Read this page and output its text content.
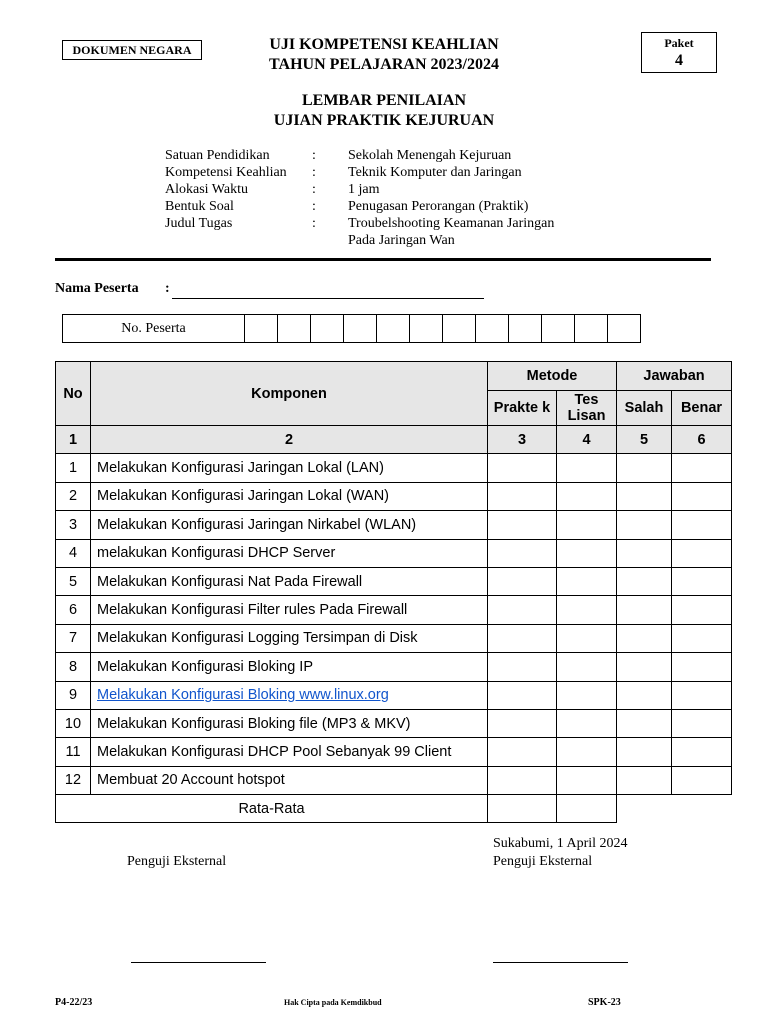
DOKUMEN NEGARA	UJI KOMPETENSI KEAHLIAN
TAHUN PELAJARAN 2023/2024
Paket
4
LEMBAR PENILAIAN
UJIAN PRAKTIK KEJURUAN
Satuan Pendidikan	:	Sekolah Menengah Kejuruan
Kompetensi Keahlian	:	Teknik Komputer dan Jaringan
Alokasi Waktu	:	1 jam
Bentuk Soal	:	Penugasan Perorangan (Praktik)
Judul Tugas	:	Troubelshooting Keamanan Jaringan
Pada Jaringan Wan
Nama Peserta :
No. Peserta												
No	Komponen	Metode		Jawaban	
		Prakte k	Tes Lisan	Salah	Benar
1	2	3	4	5	6
1	Melakukan Konfigurasi Jaringan Lokal (LAN)				
2	Melakukan Konfigurasi Jaringan Lokal (WAN)				
3	Melakukan Konfigurasi Jaringan Nirkabel (WLAN)				
4	melakukan Konfigurasi DHCP Server				
5	Melakukan Konfigurasi Nat Pada Firewall				
6	Melakukan Konfigurasi Filter rules Pada Firewall				
7	Melakukan Konfigurasi Logging Tersimpan di Disk				
8	Melakukan Konfigurasi Bloking IP				
9	Melakukan Konfigurasi Bloking www.linux.org				
10	Melakukan Konfigurasi Bloking file (MP3 & MKV)				
11	Melakukan Konfigurasi DHCP Pool Sebanyak 99 Client				
12	Membuat 20 Account hotspot				
Rata-Rata					
Sukabumi, 1 April 2024
Penguji Eksternal
Penguji Eksternal
P4-22/23	Hak Cipta pada Kemdikbud	SPK-23
